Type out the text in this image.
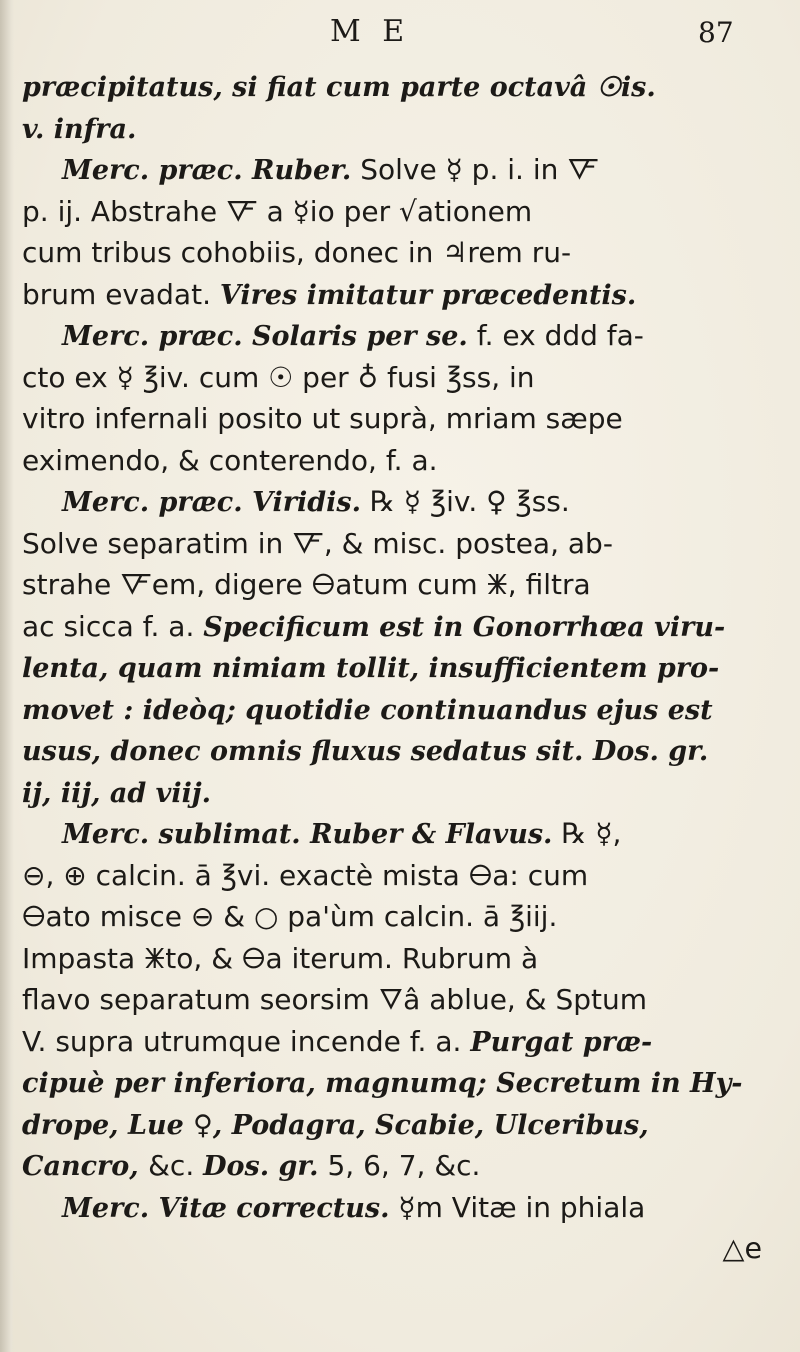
M E	87
præcipitatus, si fiat cum parte octavâ ☉is.
v. infra.
Merc. præc. Ruber. Solve ☿ p. i. in 🜅
p. ij. Abstrahe 🜅 a ☿io per √ationem
cum tribus cohobiis, donec in ♃rem ru-
brum evadat. Vires imitatur præcedentis.
Merc. præc. Solaris per se. f. ex ddd fa-
cto ex ☿ ℥iv. cum ☉ per ♁ fusi ℥ss, in
vitro infernali posito ut suprà, mriam sæpe
eximendo, & conterendo, f. a.
Merc. præc. Viridis. ℞ ☿ ℥iv. ♀ ℥ss.
Solve separatim in 🜅, & misc. postea, ab-
strahe 🜅em, digere 🜔atum cum 🜹, filtra
ac sicca f. a. Specificum est in Gonorrhœa viru-
lenta, quam nimiam tollit, insufficientem pro-
movet : ideòq; quotidie continuandus ejus est
usus, donec omnis fluxus sedatus sit. Dos. gr.
ij, iij, ad viij.
Merc. sublimat. Ruber & Flavus. ℞ ☿,
⊖, ⊕ calcin. ā ℥vi. exactè mista 🜔a: cum
🜔ato misce ⊖ & ○ pa'ùm calcin. ā ℥iij.
Impasta 🜹to, & 🜔a iterum. Rubrum à
flavo separatum seorsim 🜄â ablue, & Sptum
V. supra utrumque incende f. a. Purgat præ-
cipuè per inferiora, magnumq; Secretum in Hy-
drope, Lue ♀, Podagra, Scabie, Ulceribus,
Cancro, &c. Dos. gr. 5, 6, 7, &c.
Merc. Vitæ correctus. ☿m Vitæ in phiala
△e
